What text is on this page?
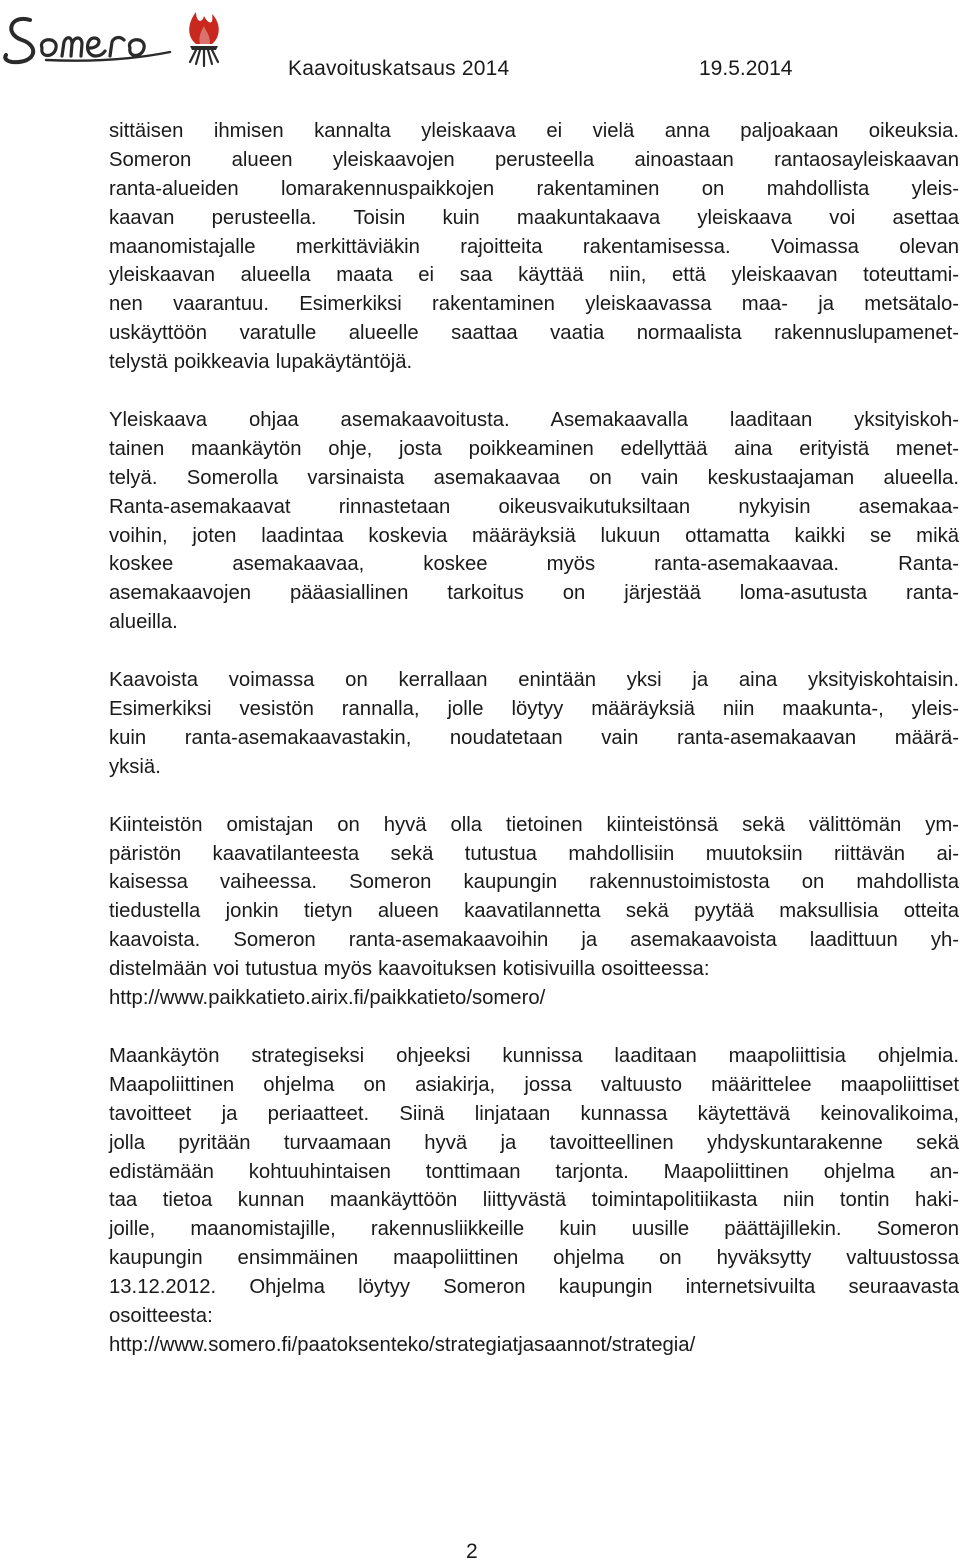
Kaavoituskatsaus 2014	19.5.2014
sittäisen ihmisen kannalta yleiskaava ei vielä anna paljoakaan oikeuksia.
Someron alueen yleiskaavojen perusteella ainoastaan rantaosayleiskaavan
ranta-alueiden lomarakennuspaikkojen rakentaminen on mahdollista yleis-
kaavan perusteella. Toisin kuin maakuntakaava yleiskaava voi asettaa
maanomistajalle merkittäviäkin rajoitteita rakentamisessa. Voimassa olevan
yleiskaavan alueella maata ei saa käyttää niin, että yleiskaavan toteuttami-
nen vaarantuu. Esimerkiksi rakentaminen yleiskaavassa maa- ja metsätalo-
uskäyttöön varatulle alueelle saattaa vaatia normaalista rakennuslupamenet-
telystä poikkeavia lupakäytäntöjä.
Yleiskaava ohjaa asemakaavoitusta. Asemakaavalla laaditaan yksityiskoh-
tainen maankäytön ohje, josta poikkeaminen edellyttää aina erityistä menet-
telyä. Somerolla varsinaista asemakaavaa on vain keskustaajaman alueella.
Ranta-asemakaavat rinnastetaan oikeusvaikutuksiltaan nykyisin asemakaa-
voihin, joten laadintaa koskevia määräyksiä lukuun ottamatta kaikki se mikä
koskee asemakaavaa, koskee myös ranta-asemakaavaa. Ranta-
asemakaavojen pääasiallinen tarkoitus on järjestää loma-asutusta ranta-
alueilla.
Kaavoista voimassa on kerrallaan enintään yksi ja aina yksityiskohtaisin.
Esimerkiksi vesistön rannalla, jolle löytyy määräyksiä niin maakunta-, yleis-
kuin ranta-asemakaavastakin, noudatetaan vain ranta-asemakaavan määrä-
yksiä.
Kiinteistön omistajan on hyvä olla tietoinen kiinteistönsä sekä välittömän ym-
päristön kaavatilanteesta sekä tutustua mahdollisiin muutoksiin riittävän ai-
kaisessa vaiheessa. Someron kaupungin rakennustoimistosta on mahdollista
tiedustella jonkin tietyn alueen kaavatilannetta sekä pyytää maksullisia otteita
kaavoista. Someron ranta-asemakaavoihin ja asemakaavoista laadittuun yh-
distelmään voi tutustua myös kaavoituksen kotisivuilla osoitteessa:
http://www.paikkatieto.airix.fi/paikkatieto/somero/
Maankäytön strategiseksi ohjeeksi kunnissa laaditaan maapoliittisia ohjelmia.
Maapoliittinen ohjelma on asiakirja, jossa valtuusto määrittelee maapoliittiset
tavoitteet ja periaatteet. Siinä linjataan kunnassa käytettävä keinovalikoima,
jolla pyritään turvaamaan hyvä ja tavoitteellinen yhdyskuntarakenne sekä
edistämään kohtuuhintaisen tonttimaan tarjonta. Maapoliittinen ohjelma an-
taa tietoa kunnan maankäyttöön liittyvästä toimintapolitiikasta niin tontin haki-
joille, maanomistajille, rakennusliikkeille kuin uusille päättäjillekin. Someron
kaupungin ensimmäinen maapoliittinen ohjelma on hyväksytty valtuustossa
13.12.2012. Ohjelma löytyy Someron kaupungin internetsivuilta seuraavasta
osoitteesta:
http://www.somero.fi/paatoksenteko/strategiatjasaannot/strategia/
2
